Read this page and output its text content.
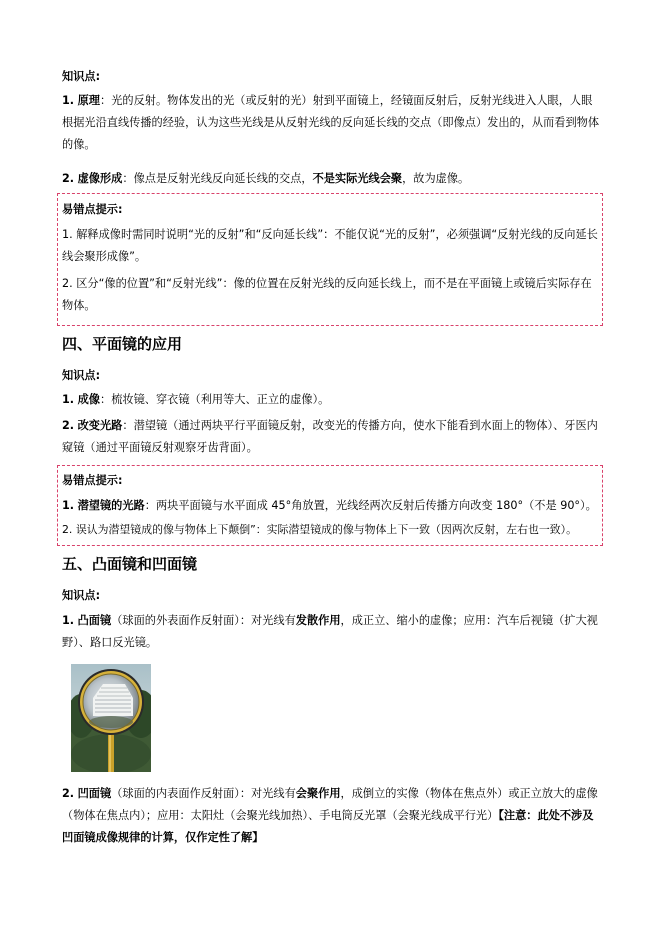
知识点:
1. 原理：光的反射。物体发出的光（或反射的光）射到平面镜上，经镜面反射后，反射光线进入人眼，人眼根据光沿直线传播的经验，认为这些光线是从反射光线的反向延长线的交点（即像点）发出的，从而看到物体的像。
2. 虚像形成：像点是反射光线反向延长线的交点，不是实际光线会聚，故为虚像。
易错点提示:
1. 解释成像时需同时说明“光的反射”和“反向延长线”：不能仅说“光的反射”，必须强调“反射光线的反向延长线会聚形成像”。
2. 区分“像的位置”和“反射光线”：像的位置在反射光线的反向延长线上，而不是在平面镜上或镜后实际存在物体。
四、平面镜的应用
知识点:
1. 成像：梳妆镜、穿衣镜（利用等大、正立的虚像）。
2. 改变光路：潜望镜（通过两块平行平面镜反射，改变光的传播方向，使水下能看到水面上的物体）、牙医内窥镜（通过平面镜反射观察牙齿背面）。
易错点提示:
1. 潜望镜的光路：两块平面镜与水平面成 45°角放置，光线经两次反射后传播方向改变 180°（不是 90°）。
2. 误认为潜望镜成的像与物体上下颠倒”：实际潜望镜成的像与物体上下一致（因两次反射，左右也一致）。
五、凸面镜和凹面镜
知识点:
1. 凸面镜（球面的外表面作反射面）：对光线有发散作用，成正立、缩小的虚像；应用：汽车后视镜（扩大视野）、路口反光镜。
2. 凹面镜（球面的内表面作反射面）：对光线有会聚作用，成倒立的实像（物体在焦点外）或正立放大的虚像（物体在焦点内）；应用：太阳灶（会聚光线加热）、手电筒反光罩（会聚光线成平行光）【注意：此处不涉及凹面镜成像规律的计算，仅作定性了解】
